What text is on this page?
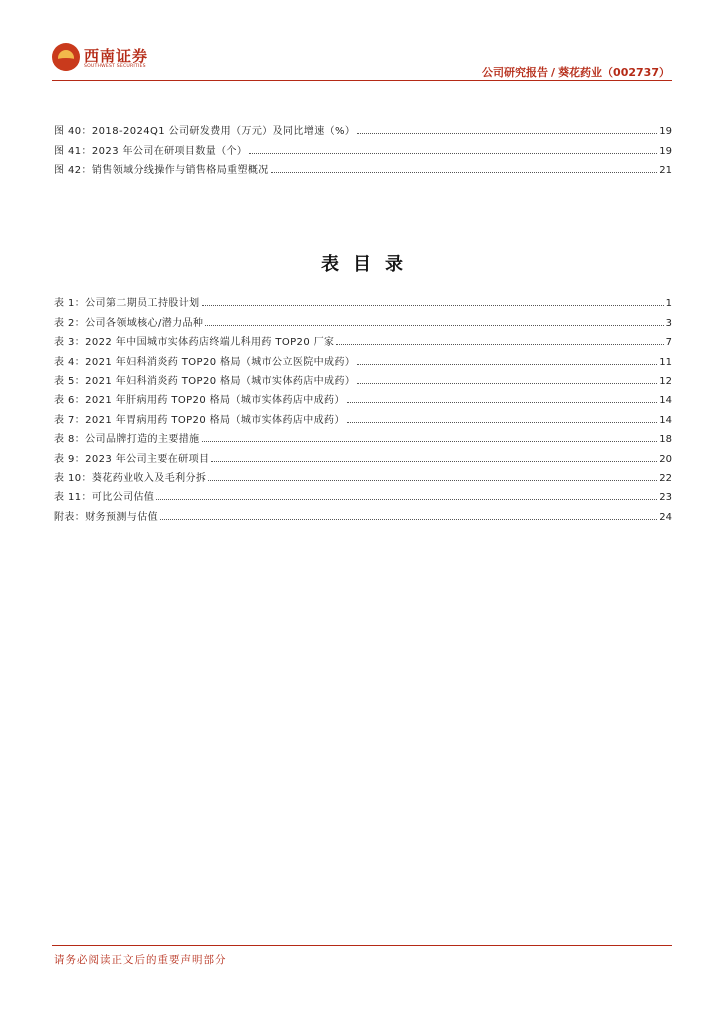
西南证券
SOUTHWEST SECURITIES	公司研究报告 / 葵花药业（002737）
图 40：2018-2024Q1 公司研发费用（万元）及同比增速（%）	19
图 41：2023 年公司在研项目数量（个）	19
图 42：销售领域分线操作与销售格局重塑概况	21
表目录
表 1：公司第二期员工持股计划	1
表 2：公司各领域核心/潜力品种	3
表 3：2022 年中国城市实体药店终端儿科用药 TOP20 厂家	7
表 4：2021 年妇科消炎药 TOP20 格局（城市公立医院中成药）	11
表 5：2021 年妇科消炎药 TOP20 格局（城市实体药店中成药）	12
表 6：2021 年肝病用药 TOP20 格局（城市实体药店中成药）	14
表 7：2021 年胃病用药 TOP20 格局（城市实体药店中成药）	14
表 8：公司品牌打造的主要措施	18
表 9：2023 年公司主要在研项目	20
表 10：葵花药业收入及毛利分拆	22
表 11：可比公司估值	23
附表：财务预测与估值	24
请务必阅读正文后的重要声明部分
